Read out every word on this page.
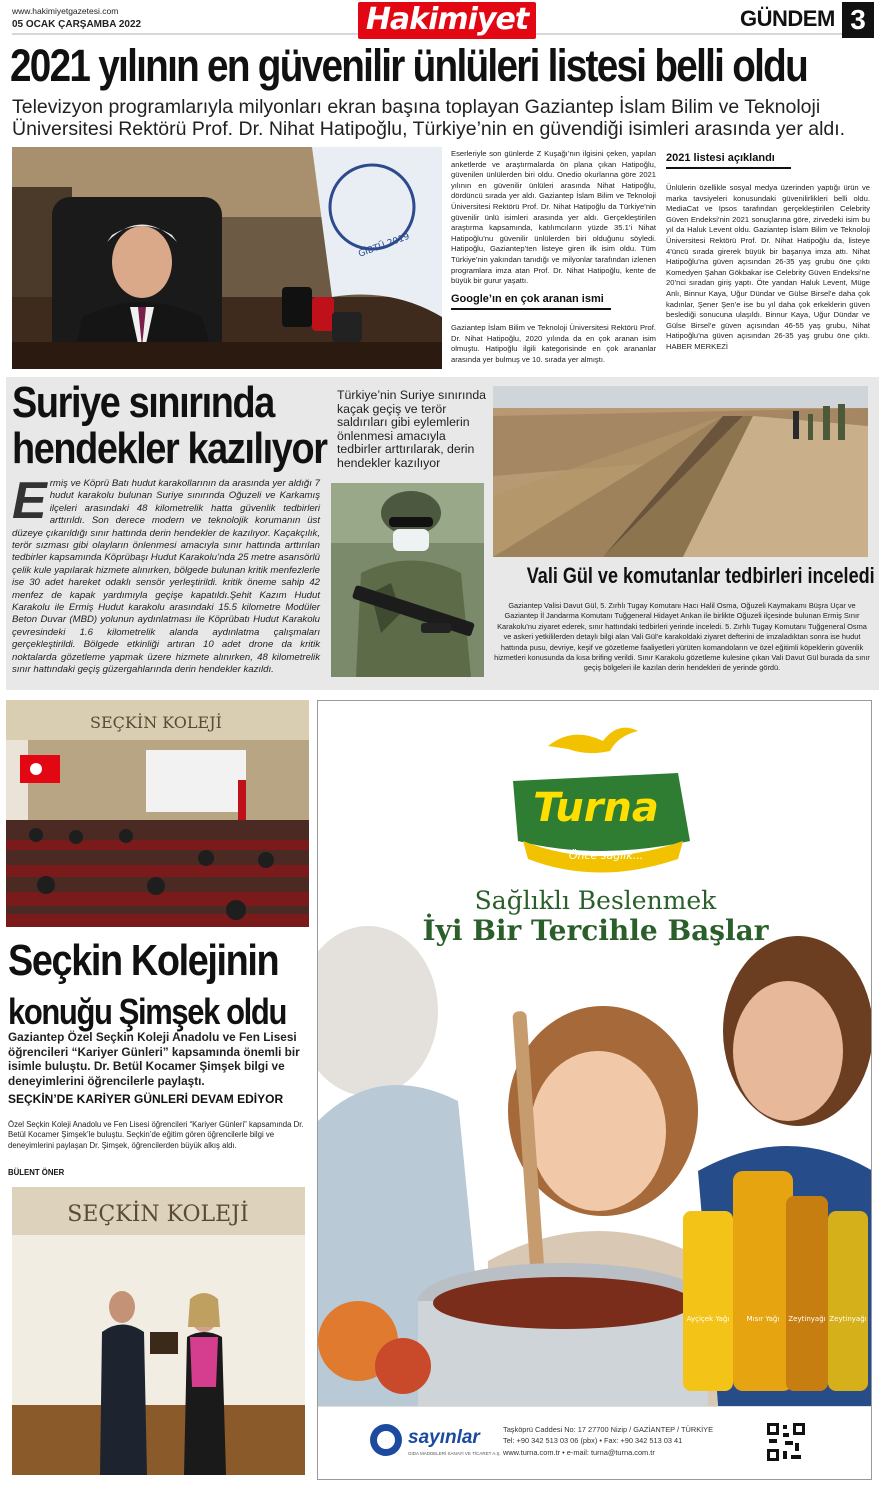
www.hakimiyetgazetesi.com
05 OCAK ÇARŞAMBA 2022	Hakimiyet	GÜNDEM 3
2021 yılının en güvenilir ünlüleri listesi belli oldu
Televizyon programlarıyla milyonları ekran başına toplayan Gaziantep İslam Bilim ve Teknoloji Üniversitesi Rektörü Prof. Dr. Nihat Hatipoğlu, Türkiye’nin en güvendiği isimleri arasında yer aldı.
GİBTÜ 2019
Eserleriyle son günlerde Z Kuşağı’nın ilgisini çeken, yapılan anketlerde ve araştırmalarda ön plana çıkan Hatipoğlu, güvenilen ünlülerden biri oldu. Onedio okurlarına göre 2021 yılının en güvenilir ünlüleri arasında Nihat Hatipoğlu, dördüncü sırada yer aldı. Gaziantep İslam Bilim ve Teknoloji Üniversitesi Rektörü Prof. Dr. Nihat Hatipoğlu da Türkiye’nin güvenilir ünlü isimleri arasında yer aldı. Gerçekleştirilen araştırma kapsamında, katılımcıların yüzde 35.1’i Nihat Hatipoğlu’nu güvenilir ünlülerden biri olduğunu söyledi. Hatipoğlu, Gaziantep’ten listeye giren ilk isim oldu. Tüm Türkiye’nin yakından tanıdığı ve milyonlar tarafından izlenen programlara imza atan Prof. Dr. Nihat Hatipoğlu, kente de büyük bir gurur yaşattı.
Google’ın en çok aranan ismi
Gaziantep İslam Bilim ve Teknoloji Üniversitesi Rektörü Prof. Dr. Nihat Hatipoğlu, 2020 yılında da en çok aranan isim olmuştu. Hatipoğlu ilgili kategorisinde en çok arananlar arasında yer bulmuş ve 10. sırada yer almıştı.
2021 listesi açıklandı
Ünlülerin özellikle sosyal medya üzerinden yaptığı ürün ve marka tavsiyeleri konusundaki güvenilirlikleri belli oldu. MediaCat ve Ipsos tarafından gerçekleştirilen Celebrity Güven Endeksi’nin 2021 sonuçlarına göre, zirvedeki isim bu yıl da Haluk Levent oldu. Gaziantep İslam Bilim ve Teknoloji Üniversitesi Rektörü Prof. Dr. Nihat Hatipoğlu da, listeye 4’üncü sırada girerek büyük bir başarıya imza attı. Nihat Hatipoğlu’na güven açısından 26-35 yaş grubu öne çıktı Komedyen Şahan Gökbakar ise Celebrity Güven Endeksi’ne 20’nci sıradan giriş yaptı. Öte yandan Haluk Levent, Müge Anlı, Binnur Kaya, Uğur Dündar ve Gülse Birsel’e daha çok kadınlar, Şener Şen’e ise bu yıl daha çok erkeklerin güven beslediği sonucuna ulaşıldı. Binnur Kaya, Uğur Dündar ve Gülse Birsel’e güven açısından 46-55 yaş grubu, Nihat Hatipoğlu’na güven açısından 26-35 yaş grubu öne çıktı. HABER MERKEZİ
Suriye sınırında
hendekler kazılıyor
Türkiye’nin Suriye sınırında kaçak geçiş ve terör saldırıları gibi eylemlerin önlenmesi amacıyla tedbirler arttırılarak, derin hendekler kazılıyor
E rmiş ve Köprü Batı hudut karakollarının da arasında yer aldığı 7 hudut karakolu bulunan Suriye sınırında Oğuzeli ve Karkamış ilçeleri arasındaki 48 kilometrelik hatta güvenlik tedbirleri arttırıldı. Son derece modern ve teknolojik korumanın üst düzeye çıkarıldığı sınır hattında derin hendekler de kazılıyor. Kaçakçılık, terör sızması gibi olayların önlenmesi amacıyla sınır hattında arttırılan tedbirler kapsamında Köprübaşı Hudut Karakolu’nda 25 metre asansörlü çelik kule yapılarak hizmete alınırken, bölgede bulunan kritik menfezlerle ise 30 adet hareket odaklı sensör yerleştirildi. kritik öneme sahip 42 menfez de kapak yardımıyla geçişe kapatıldı.Şehit Kazım Hudut Karakolu ile Ermiş Hudut karakolu arasındaki 15.5 kilometre Modüler Beton Duvar (MBD) yolunun aydınlatması ile Köprübatı Hudut Karakolu çevresindeki 1.6 kilometrelik alanda aydınlatma çalışmaları gerçekleştirildi. Bölgede etkinliği artıran 10 adet drone da kritik noktalarda gözetleme yapmak üzere hizmete alınırken, 48 kilometrelik sınır hattındaki geçiş güzergahlarında derin hendekler kazıldı.
Vali Gül ve komutanlar tedbirleri inceledi
Gaziantep Valisi Davut Gül, 5. Zırhlı Tugay Komutanı Hacı Halil Osma, Oğuzeli Kaymakamı Büşra Uçar ve Gaziantep İl Jandarma Komutanı Tuğgeneral Hidayet Arıkan ile birlikte Oğuzeli ilçesinde bulunan Ermiş Sınır Karakolu’nu ziyaret ederek, sınır hattındaki tedbirleri yerinde inceledi. 5. Zırhlı Tugay Komutanı Tuğgeneral Osma ve askeri yetkililerden detaylı bilgi alan Vali Gül’e karakoldaki ziyaret defterini de imzaladıktan sonra ise hudut hattında pusu, devriye, keşif ve gözetleme faaliyetleri yürüten komandoların ve özel eğitimli köpeklerin güvenlik hizmetleri konusunda da kısa brifing verildi. Sınır Karakolu gözetleme kulesine çıkan Vali Davut Gül burada da sınır geçiş bölgeleri ile kazılan derin hendekleri de yerinde gördü.
SEÇKİN KOLEJİ
Seçkin Kolejinin
konuğu Şimşek oldu
Gaziantep Özel Seçkin Koleji Anadolu ve Fen Lisesi öğrencileri “Kariyer Günleri” kapsamında önemli bir isimle buluştu. Dr. Betül Kocamer Şimşek bilgi ve deneyimlerini öğrencilerle paylaştı.
SEÇKİN’DE KARİYER GÜNLERİ DEVAM EDİYOR
Özel Seçkin Koleji Anadolu ve Fen Lisesi öğrencileri “Kariyer Günleri” kapsamında Dr. Betül Kocamer Şimşek’le buluştu. Seçkin’de eğitim gören öğrencilerle bilgi ve deneyimlerini paylaşan Dr. Şimşek, öğrencilerden büyük alkış aldı.
BÜLENT ÖNER
SEÇKİN KOLEJİ
Turna
Önce sağlık...
Ayçiçek Yağı Mısır Yağı Zeytinyağı Zeytinyağı
Sağlıklı Beslenmek
İyi Bir Tercihle Başlar
sayınlar
GIDA MADDELERİ SANAYİ VE TİCARET A.Ş.
Taşköprü Caddesi No: 17 27700 Nizip / GAZİANTEP / TÜRKİYE
Tel: +90 342 513 03 06 (pbx) • Fax: +90 342 513 03 41
www.turna.com.tr • e-mail: turna@turna.com.tr
